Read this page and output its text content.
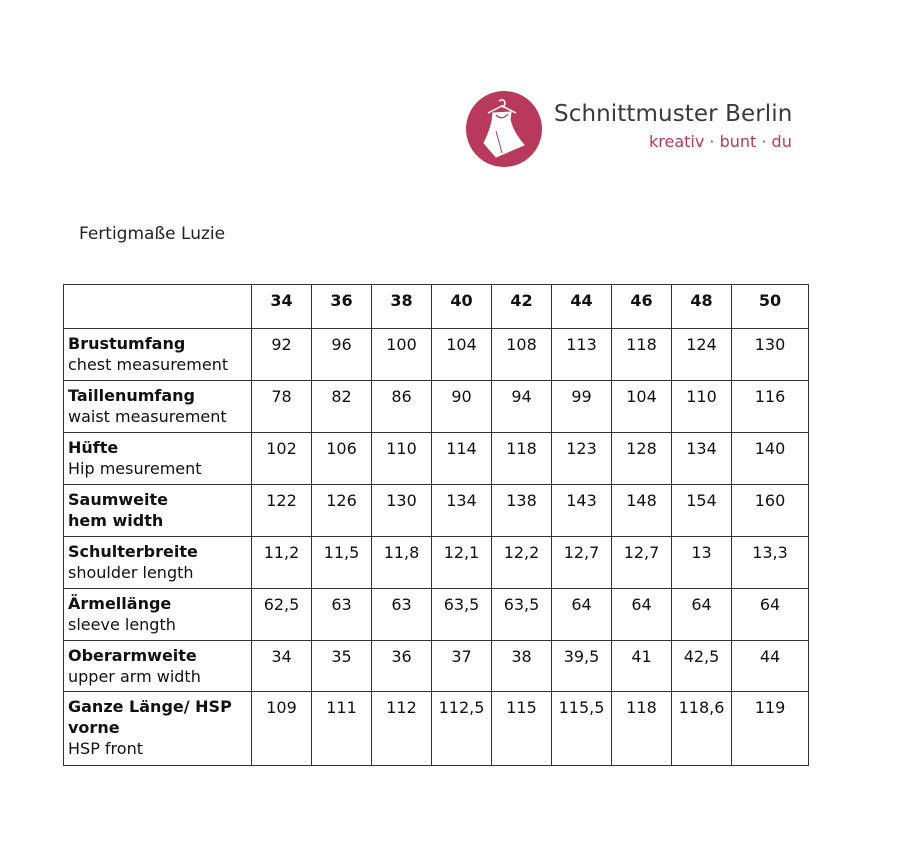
Schnittmuster Berlin
kreativ · bunt · du
Fertigmaße Luzie
	34	36	38	40	42	44	46	48	50

Brustumfang
chest measurement	92	96	100	104	108	113	118	124	130

Taillenumfang
waist measurement	78	82	86	90	94	99	104	110	116

Hüfte
Hip mesurement	102	106	110	114	118	123	128	134	140

Saumweite
hem width	122	126	130	134	138	143	148	154	160

Schulterbreite
shoulder length	11,2	11,5	11,8	12,1	12,2	12,7	12,7	13	13,3

Ärmellänge
sleeve length	62,5	63	63	63,5	63,5	64	64	64	64

Oberarmweite
upper arm width	34	35	36	37	38	39,5	41	42,5	44

Ganze Länge/ HSP vorne
HSP front	109	111	112	112,5	115	115,5	118	118,6	119
